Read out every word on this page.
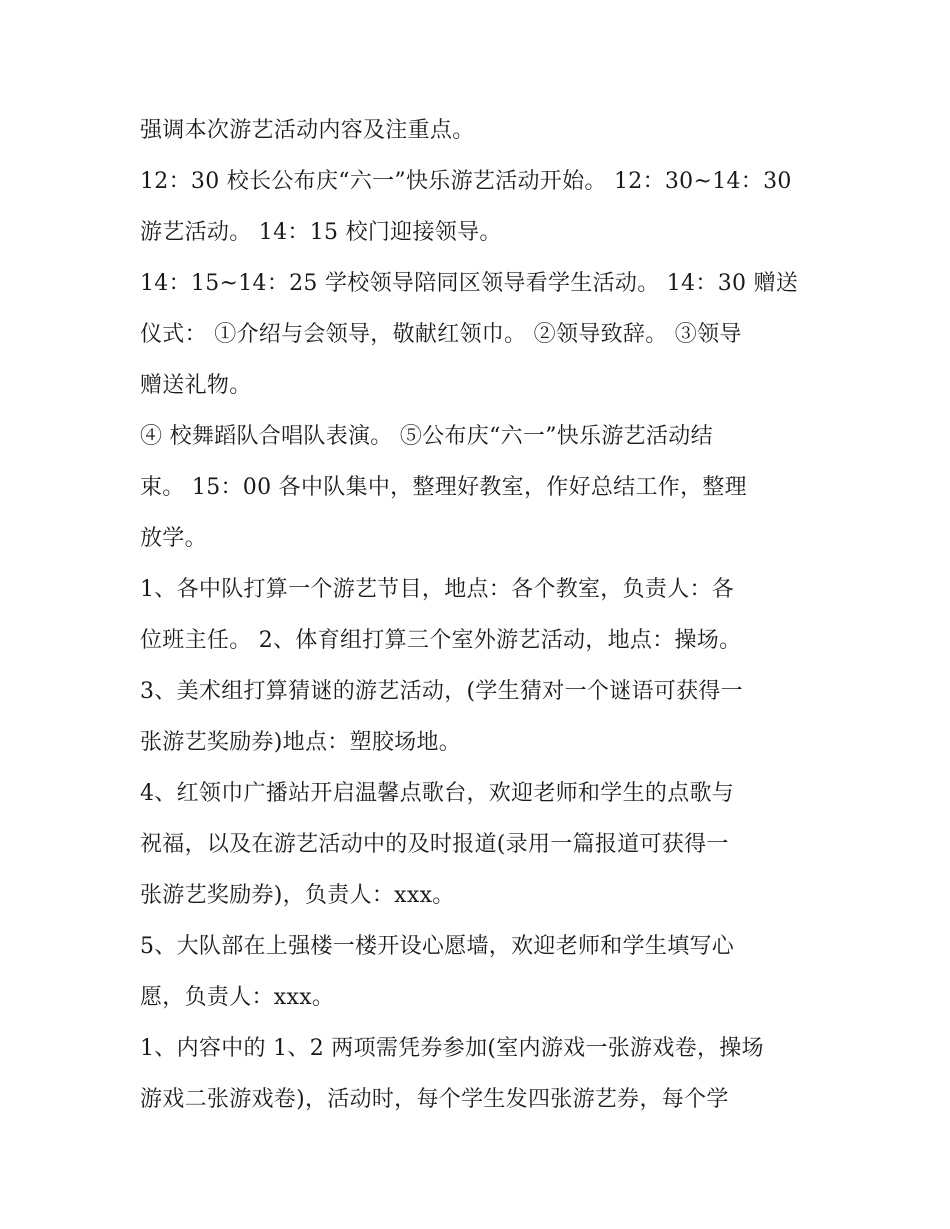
强调本次游艺活动内容及注重点。
12：30 校长公布庆“六一”快乐游艺活动开始。 12：30~14：30
游艺活动。 14：15 校门迎接领导。
14：15~14：25 学校领导陪同区领导看学生活动。 14：30 赠送
仪式： ①介绍与会领导，敬献红领巾。 ②领导致辞。 ③领导
赠送礼物。
④ 校舞蹈队合唱队表演。 ⑤公布庆“六一”快乐游艺活动结
束。 15：00 各中队集中，整理好教室，作好总结工作，整理
放学。
1、各中队打算一个游艺节目，地点：各个教室，负责人：各
位班主任。 2、体育组打算三个室外游艺活动，地点：操场。
3、美术组打算猜谜的游艺活动，(学生猜对一个谜语可获得一
张游艺奖励券)地点：塑胶场地。
4、红领巾广播站开启温馨点歌台，欢迎老师和学生的点歌与
祝福，以及在游艺活动中的及时报道(录用一篇报道可获得一
张游艺奖励券)，负责人：xxx。
5、大队部在上强楼一楼开设心愿墙，欢迎老师和学生填写心
愿，负责人：xxx。
1、内容中的 1、2 两项需凭券参加(室内游戏一张游戏卷，操场
游戏二张游戏卷)，活动时，每个学生发四张游艺券，每个学
